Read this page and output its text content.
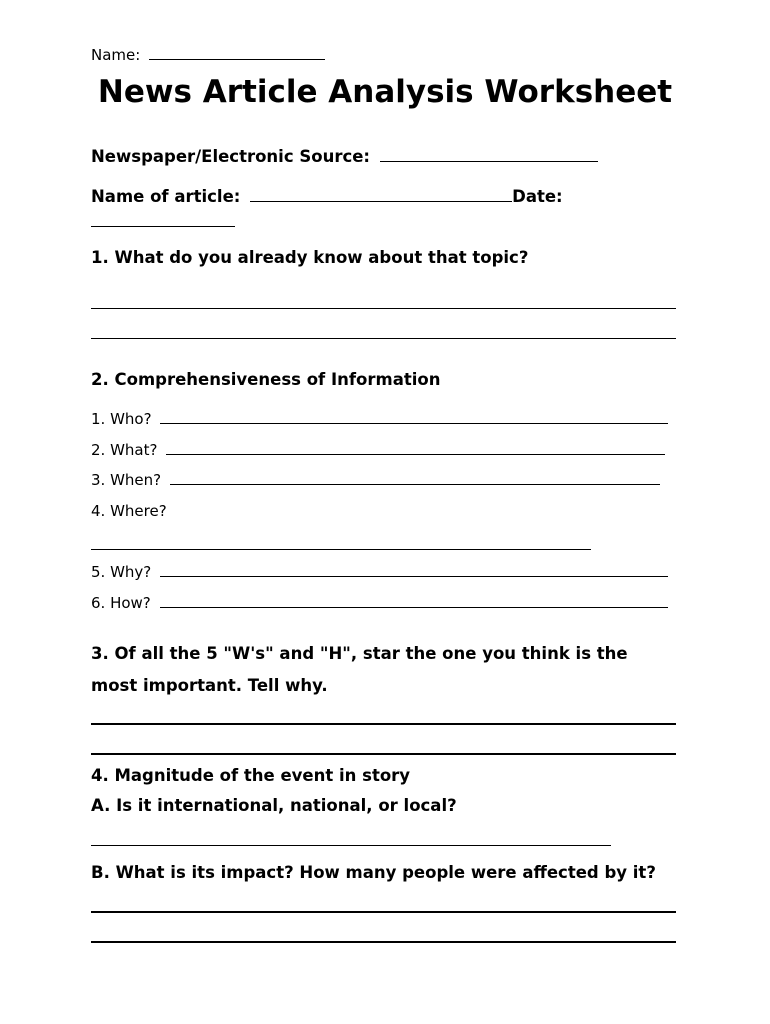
Name:
News Article Analysis Worksheet
Newspaper/Electronic Source:
Name of article:	Date:
1. What do you already know about that topic?
2. Comprehensiveness of Information
1. Who?
2. What?
3. When?
4. Where?
5. Why?
6. How?
3. Of all the 5 "W's" and "H", star the one you think is the
most important. Tell why.
4. Magnitude of the event in story
A. Is it international, national, or local?
B. What is its impact? How many people were affected by it?
